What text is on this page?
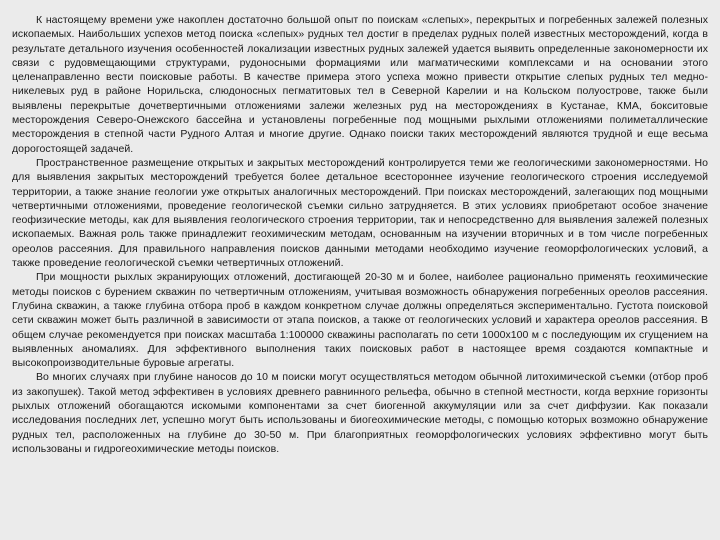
К настоящему времени уже накоплен достаточно большой опыт по поискам «слепых», перекрытых и погребенных залежей полезных ископаемых. Наибольших успехов метод поиска «слепых» рудных тел достиг в пределах рудных полей известных месторождений, когда в результате детального изучения особенностей локализации известных рудных залежей удается выявить определенные закономерности их связи с рудовмещающими структурами, рудоносными формациями или магматическими комплексами и на основании этого целенаправленно вести поисковые работы. В качестве примера этого успеха можно привести открытие слепых рудных тел медно-никелевых руд в районе Норильска, слюдоносных пегматитовых тел в Северной Карелии и на Кольском полуострове, также были выявлены перекрытые дочетвертичными отложениями залежи железных руд на месторождениях в Кустанае, КМА, бокситовые месторождения Северо-Онежского бассейна и установлены погребенные под мощными рыхлыми отложениями полиметаллические месторождения в степной части Рудного Алтая и многие другие. Однако поиски таких месторождений являются трудной и еще весьма дорогостоящей задачей.

Пространственное размещение открытых и закрытых месторождений контролируется теми же геологическими закономерностями. Но для выявления закрытых месторождений требуется более детальное всестороннее изучение геологического строения исследуемой территории, а также знание геологии уже открытых аналогичных месторождений. При поисках месторождений, залегающих под мощными четвертичными отложениями, проведение геологической съемки сильно затрудняется. В этих условиях приобретают особое значение геофизические методы, как для выявления геологического строения территории, так и непосредственно для выявления залежей полезных ископаемых. Важная роль также принадлежит геохимическим методам, основанным на изучении вторичных и в том числе погребенных ореолов рассеяния. Для правильного направления поисков данными методами необходимо изучение геоморфологических условий, а также проведение геологической съемки четвертичных отложений.

При мощности рыхлых экранирующих отложений, достигающей 20-30 м и более, наиболее рационально применять геохимические методы поисков с бурением скважин по четвертичным отложениям, учитывая возможность обнаружения погребенных ореолов рассеяния. Глубина скважин, а также глубина отбора проб в каждом конкретном случае должны определяться экспериментально. Густота поисковой сети скважин может быть различной в зависимости от этапа поисков, а также от геологических условий и характера ореолов рассеяния. В общем случае рекомендуется при поисках масштаба 1:100000 скважины располагать по сети 1000х100 м с последующим их сгущением на выявленных аномалиях. Для эффективного выполнения таких поисковых работ в настоящее время создаются компактные и высокопроизводительные буровые агрегаты.

Во многих случаях при глубине наносов до 10 м поиски могут осуществляться методом обычной литохимической съемки (отбор проб из закопушек). Такой метод эффективен в условиях древнего равнинного рельефа, обычно в степной местности, когда верхние горизонты рыхлых отложений обогащаются искомыми компонентами за счет биогенной аккумуляции или за счет диффузии. Как показали исследования последних лет, успешно могут быть использованы и биогеохимические методы, с помощью которых возможно обнаружение рудных тел, расположенных на глубине до 30-50 м. При благоприятных геоморфологических условиях эффективно могут быть использованы и гидрогеохимические методы поисков.
